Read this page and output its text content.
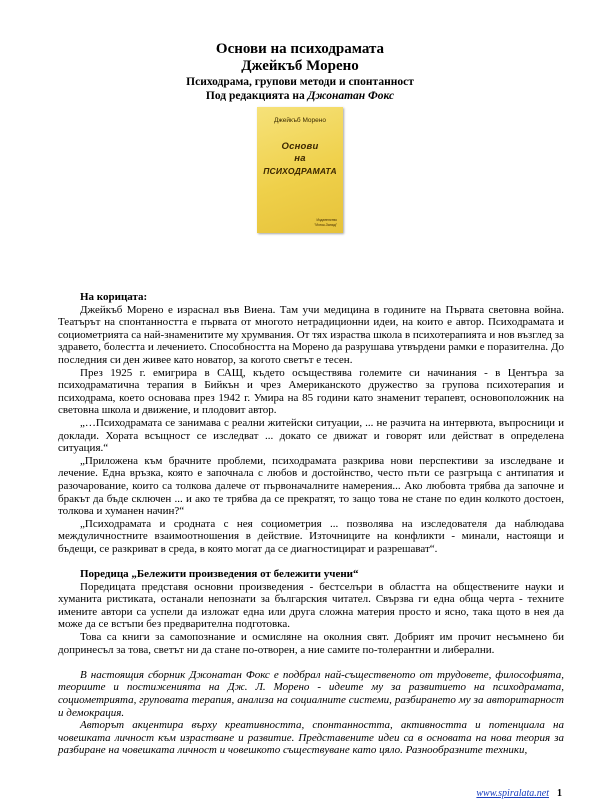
Основи на психодрамата
Джейкъб Морено
Психодрама, групови методи и спонтанност
Под редакцията на Джонатан Фокс
Джейкъб Морено
Основи
на
ПСИХОДРАМАТА
Издателство
"Изток-Запад"

На корицата:

Джейкъб Морено е израснал във Виена. Там учи медицина в годините на Първата световна война. Театърът на спонтанността е първата от многото нетрадиционни идеи, на които е автор. Психодрамата и социометрията са най-знаменитите му хрумвания. От тях израства школа в психотерапията и нов възглед за здравето, болестта и лечението. Способността на Морено да разрушава утвърдени рамки е поразителна. До последния си ден живее като новатор, за когото светът е тесен.

През 1925 г. емигрира в САЩ, където осъществява големите си начинания - в Центъра за психодраматична терапия в Бийкън и чрез Американското дружество за групова психотерапия и психодрама, което основава през 1942 г. Умира на 85 години като знаменит терапевт, основоположник на световна школа и движение, и плодовит автор.

„…Психодрамата се занимава с реални житейски ситуации, ... не разчита на интервюта, въпросници и доклади. Хората всъщност се изследват ... докато се движат и говорят или действат в определена ситуация.“

„Приложена към брачните проблеми, психодрамата разкрива нови перспективи за изследване и лечение. Една връзка, която е започнала с любов и достойнство, често пъти се разгръща с антипатия и разочарование, които са толкова далече от първоначалните намерения... Ако любовта трябва да започне и бракът да бъде сключен ... и ако те трябва да се прекратят, то защо това не стане по един колкото достоен, толкова и хуманен начин?“

„Психодрамата и сродната с нея социометрия ... позволява на изследователя да наблюдава междуличностните взаимоотношения в действие. Източниците на конфликти - минали, настоящи и бъдещи, се разкриват в среда, в която могат да се диагностицират и разрешават“.

Поредица „Бележити произведения от бележити учени“

Поредицата представя основни произведения - бестселъри в областта на обществените науки и хуманита ристиката, останали непознати за българския читател. Свързва ги една обща черта - техните имените автори са успели да изложат една или друга сложна материя просто и ясно, така щото в нея да може да се вcтъпи без предварителна подготовка.

Това са книги за самопознание и осмисляне на околния свят. Добрият им прочит несъмнено би допринесъл за това, светът ни да стане по-отворен, а ние самите по-толерантни и либерални.

В настоящия сборник Джонатан Фокс е подбрал най-същественото от трудовете, философията, теориите и постиженията на Дж. Л. Морено - идеите му за развитието на психодрамата, социометрията, груповата терапия, анализа на социалните системи, разбирането му за авторитарност и демокрация.

Авторът акцентира върху креативността, спонтанността, активността и потенциала на човешката личност към израстване и развитие. Представените идеи са в основата на нова теория за разбиране на човешката личност и човешкото съществуване като цяло. Разнообразните техники,

www.spiralata.net 1
